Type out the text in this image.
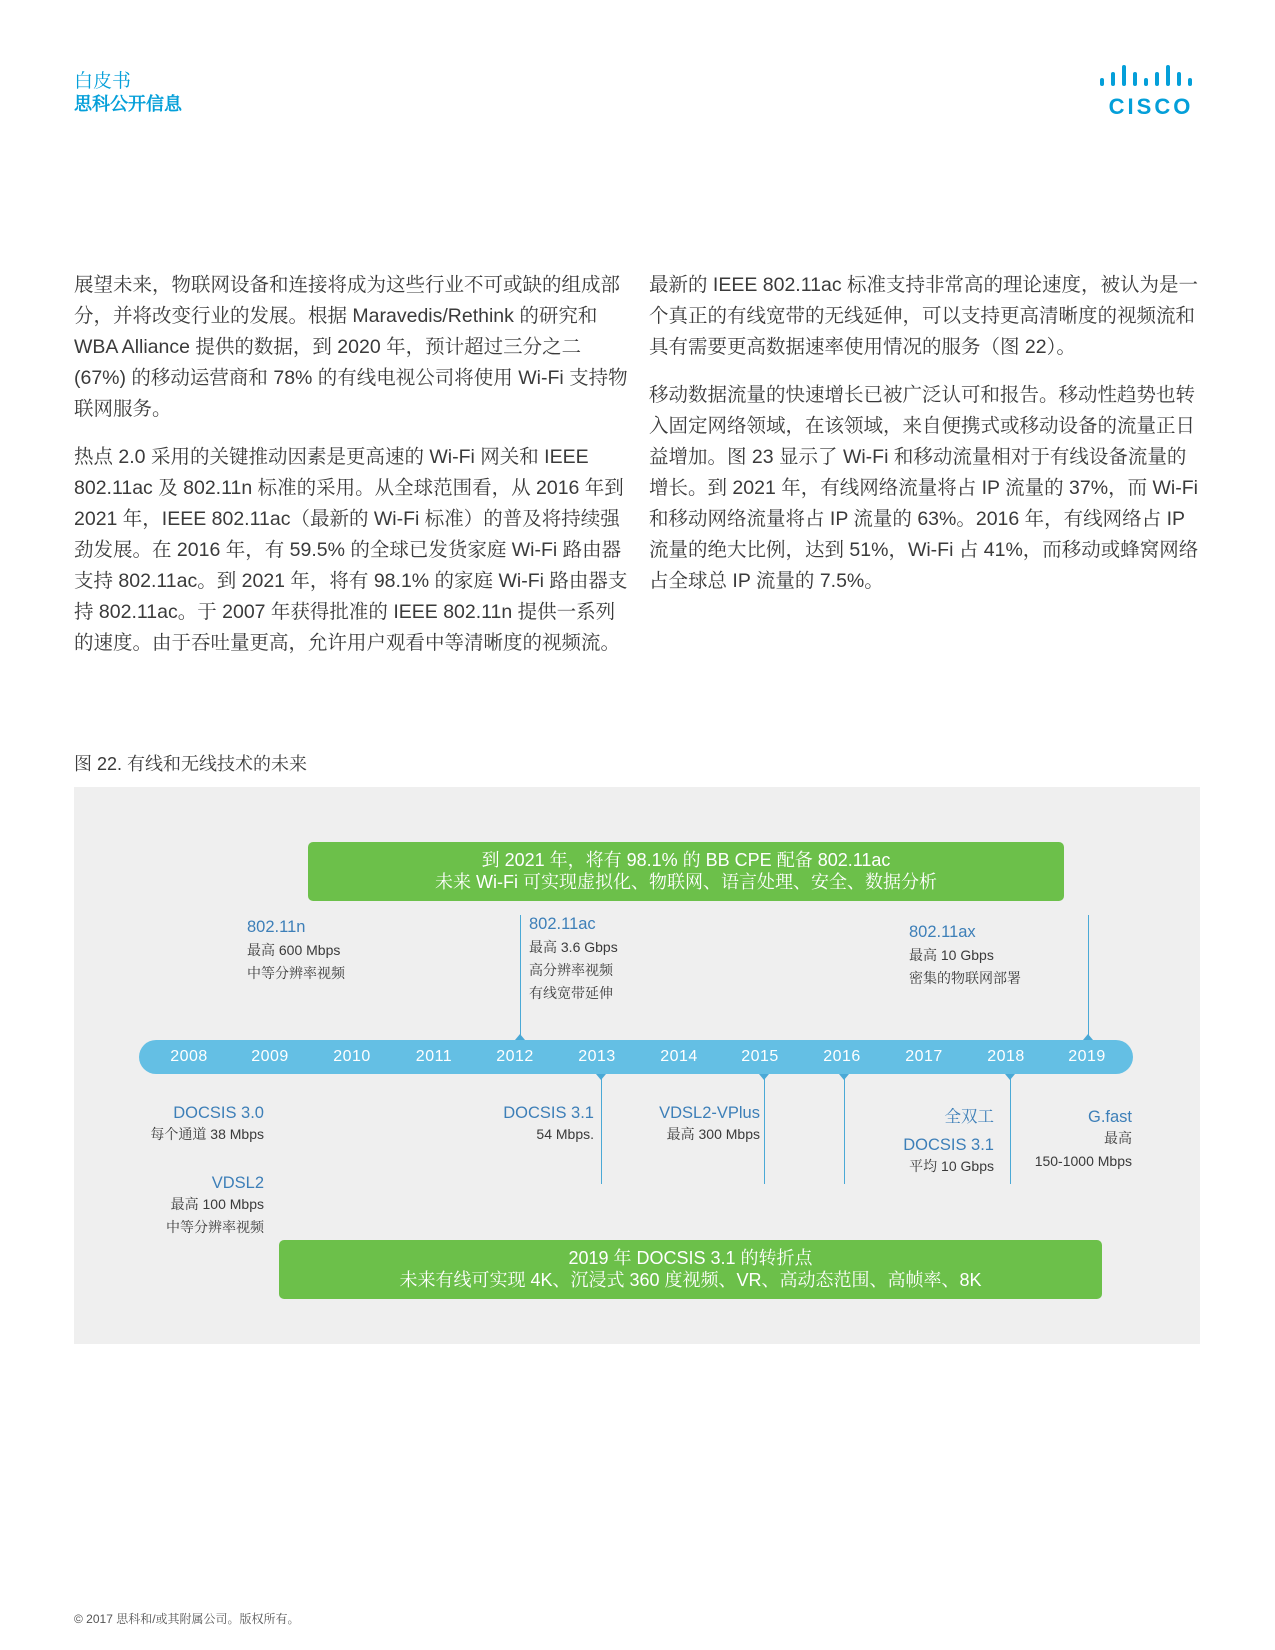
白皮书
思科公开信息	CISCO

展望未来，物联网设备和连接将成为这些行业不可或缺的组成部分，并将改变行业的发展。根据 Maravedis/Rethink 的研究和 WBA Alliance 提供的数据，到 2020 年，预计超过三分之二 (67%) 的移动运营商和 78% 的有线电视公司将使用 Wi-Fi 支持物联网服务。

热点 2.0 采用的关键推动因素是更高速的 Wi-Fi 网关和 IEEE 802.11ac 及 802.11n 标准的采用。从全球范围看，从 2016 年到 2021 年，IEEE 802.11ac（最新的 Wi-Fi 标准）的普及将持续强劲发展。在 2016 年，有 59.5% 的全球已发货家庭 Wi-Fi 路由器支持 802.11ac。到 2021 年，将有 98.1% 的家庭 Wi-Fi 路由器支持 802.11ac。于 2007 年获得批准的 IEEE 802.11n 提供一系列的速度。由于吞吐量更高，允许用户观看中等清晰度的视频流。

最新的 IEEE 802.11ac 标准支持非常高的理论速度，被认为是一个真正的有线宽带的无线延伸，可以支持更高清晰度的视频流和具有需要更高数据速率使用情况的服务（图 22）。

移动数据流量的快速增长已被广泛认可和报告。移动性趋势也转入固定网络领域，在该领域，来自便携式或移动设备的流量正日益增加。图 23 显示了 Wi-Fi 和移动流量相对于有线设备流量的增长。到 2021 年，有线网络流量将占 IP 流量的 37%，而 Wi-Fi 和移动网络流量将占 IP 流量的 63%。2016 年，有线网络占 IP 流量的绝大比例，达到 51%，Wi-Fi 占 41%，而移动或蜂窝网络占全球总 IP 流量的 7.5%。

图 22. 有线和无线技术的未来
到 2021 年，将有 98.1% 的 BB CPE 配备 802.11ac
未来 Wi-Fi 可实现虚拟化、物联网、语言处理、安全、数据分析
802.11n
最高 600 Mbps
中等分辨率视频
802.11ac
最高 3.6 Gbps
高分辨率视频
有线宽带延伸
802.11ax
最高 10 Gbps
密集的物联网部署
2008	2009	2010	2011	2012	2013	2014	2015	2016	2017	2018	2019
DOCSIS 3.0
每个通道 38 Mbps
VDSL2
最高 100 Mbps
中等分辨率视频
DOCSIS 3.1
54 Mbps.
VDSL2-VPlus
最高 300 Mbps
全双工
DOCSIS 3.1
平均 10 Gbps
G.fast
最高
150-1000 Mbps
2019 年 DOCSIS 3.1 的转折点
未来有线可实现 4K、沉浸式 360 度视频、VR、高动态范围、高帧率、8K
© 2017 思科和/或其附属公司。版权所有。
